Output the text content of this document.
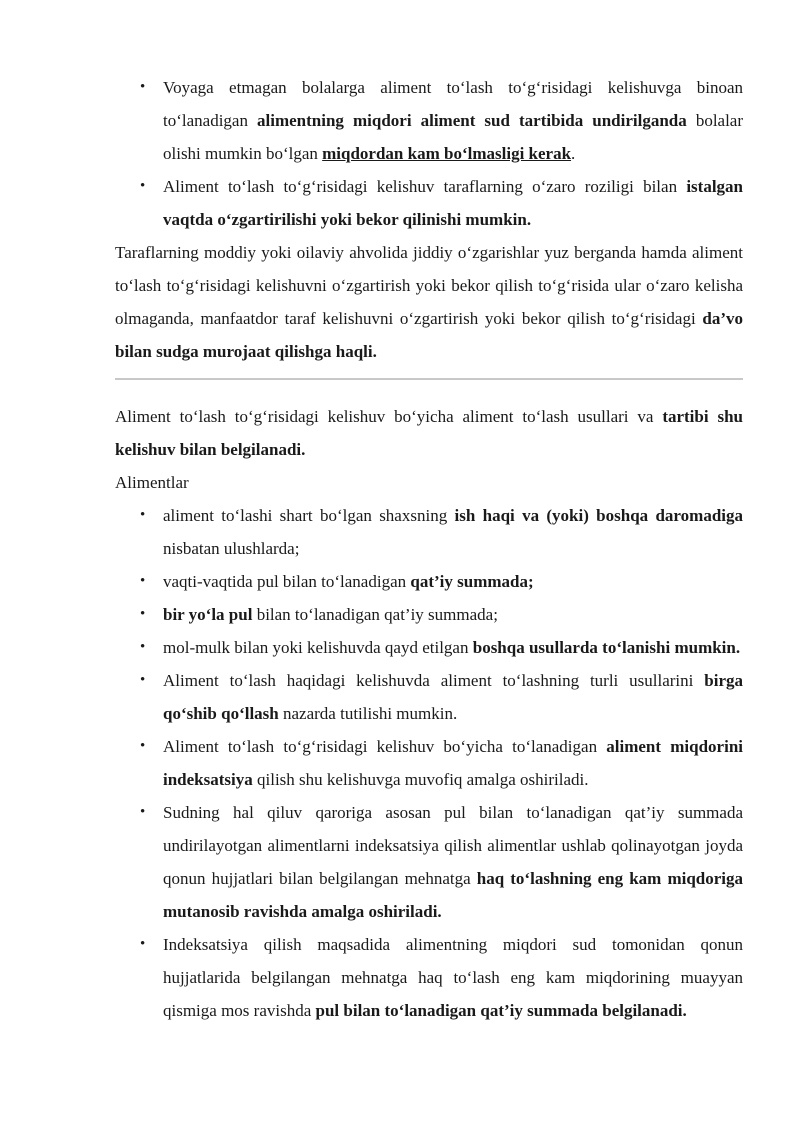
• Voyaga etmagan bolalarga aliment to‘lash to‘g‘risidagi kelishuvga binoan to‘lanadigan alimentning miqdori aliment sud tartibida undirilganda bolalar olishi mumkin bo‘lgan miqdordan kam bo‘lmasligi kerak.
• Aliment to‘lash to‘g‘risidagi kelishuv taraflarning o‘zaro roziligi bilan istalgan vaqtda o‘zgartirilishi yoki bekor qilinishi mumkin.

Taraflarning moddiy yoki oilaviy ahvolida jiddiy o‘zgarishlar yuz berganda hamda aliment to‘lash to‘g‘risidagi kelishuvni o‘zgartirish yoki bekor qilish to‘g‘risida ular o‘zaro kelisha olmaganda, manfaatdor taraf kelishuvni o‘zgartirish yoki bekor qilish to‘g‘risidagi da’vo bilan sudga murojaat qilishga haqli.

Aliment to‘lash to‘g‘risidagi kelishuv bo‘yicha aliment to‘lash usullari va tartibi shu kelishuv bilan belgilanadi.

Alimentlar
• aliment to‘lashi shart bo‘lgan shaxsning ish haqi va (yoki) boshqa daromadiga nisbatan ulushlarda;
• vaqti-vaqtida pul bilan to‘lanadigan qat’iy summada;
• bir yo‘la pul bilan to‘lanadigan qat’iy summada;
• mol-mulk bilan yoki kelishuvda qayd etilgan boshqa usullarda to‘lanishi mumkin.
• Aliment to‘lash haqidagi kelishuvda aliment to‘lashning turli usullarini birga qo‘shib qo‘llash nazarda tutilishi mumkin.
• Aliment to‘lash to‘g‘risidagi kelishuv bo‘yicha to‘lanadigan aliment miqdorini indeksatsiya qilish shu kelishuvga muvofiq amalga oshiriladi.
• Sudning hal qiluv qaroriga asosan pul bilan to‘lanadigan qat’iy summada undirilayotgan alimentlarni indeksatsiya qilish alimentlar ushlab qolinayotgan joyda qonun hujjatlari bilan belgilangan mehnatga haq to‘lashning eng kam miqdoriga mutanosib ravishda amalga oshiriladi.
• Indeksatsiya qilish maqsadida alimentning miqdori sud tomonidan qonun hujjatlarida belgilangan mehnatga haq to‘lash eng kam miqdorining muayyan qismiga mos ravishda pul bilan to‘lanadigan qat’iy summada belgilanadi.
